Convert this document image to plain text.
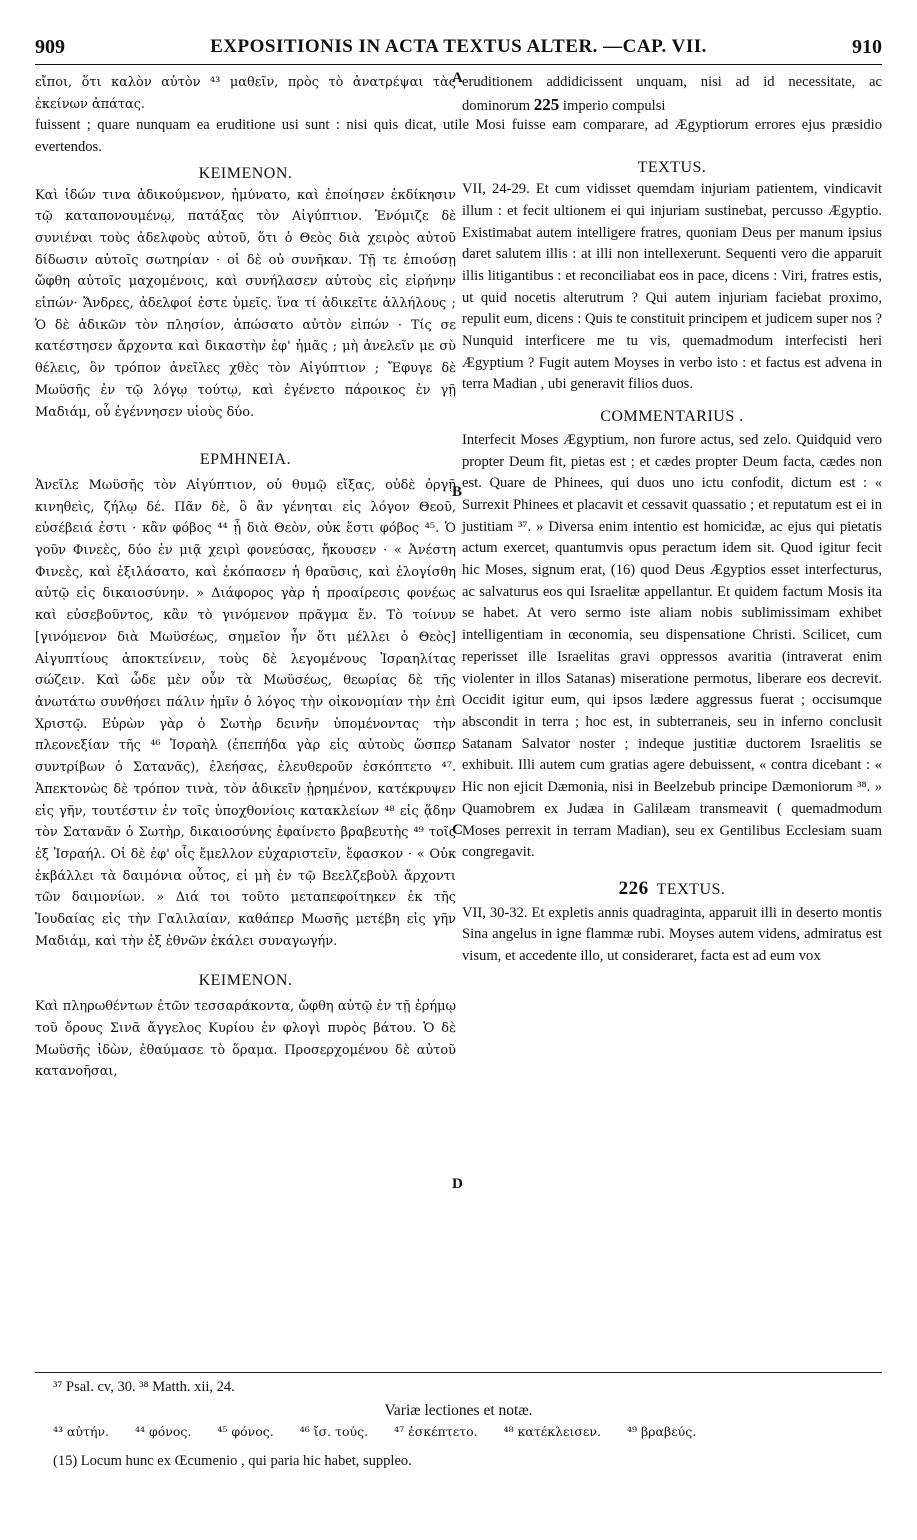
909	EXPOSITIONIS IN ACTA TEXTUS ALTER. —CAP. VII.	910

εἴποι, ὅτι καλὸν αὐτὸν ⁴³ μαθεῖν, πρὸς τὸ ἀνατρέψαι τὰς ἐκείνων ἀπάτας.

fuissent ; quare nunquam ea eruditione usi sunt : nisi quis dicat, utile Mosi fuisse eam comparare, ad Ægyptiorum errores ejus præsidio evertendos.

ΚΕΙΜΕΝΟΝ.

Καὶ ἰδών τινα ἀδικούμενον, ἠμύνατο, καὶ ἐποίησεν ἐκδίκησιν τῷ καταπονουμένῳ, πατάξας τὸν Αἰγύπτιον. Ἐνόμιζε δὲ συνιέναι τοὺς ἀδελφοὺς αὐτοῦ, ὅτι ὁ Θεὸς διὰ χειρὸς αὐτοῦ δίδωσιν αὐτοῖς σωτηρίαν · οἱ δὲ οὐ συνῆκαν. Τῇ τε ἐπιούσῃ ὤφθη αὐτοῖς μαχομένοις, καὶ συνήλασεν αὐτοὺς εἰς εἰρήνην εἰπών· Ἄνδρες, ἀδελφοί ἐστε ὑμεῖς. ἵνα τί ἀδικεῖτε ἀλλήλους ; Ὁ δὲ ἀδικῶν τὸν πλησίον, ἀπώσατο αὐτὸν εἰπών · Τίς σε κατέστησεν ἄρχοντα καὶ δικαστὴν ἐφ' ἡμᾶς ; μὴ ἀνελεῖν με σὺ θέλεις, ὃν τρόπον ἀνεῖλες χθὲς τὸν Αἰγύπτιον ; Ἔφυγε δὲ Μωϋσῆς ἐν τῷ λόγῳ τούτῳ, καὶ ἐγένετο πάροικος ἐν γῇ Μαδιάμ, οὗ ἐγέννησεν υἱοὺς δύο.

ΕΡΜΗΝΕΙΑ.

Ἀνεῖλε Μωϋσῆς τὸν Αἰγύπτιον, οὐ θυμῷ εἴξας, οὐδὲ ὀργῇ κινηθεὶς, ζήλῳ δέ. Πᾶν δὲ, ὃ ἂν γένηται εἰς λόγον Θεοῦ, εὐσέβειά ἐστι · κἂν φόβος ⁴⁴ ᾖ διὰ Θεὸν, οὐκ ἔστι φόβος ⁴⁵. Ὁ γοῦν Φινεὲς, δύο ἐν μιᾷ χειρὶ φονεύσας, ἤκουσεν · « Ἀνέστη Φινεὲς, καὶ ἐξιλάσατο, καὶ ἐκόπασεν ἡ θραῦσις, καὶ ἐλογίσθη αὐτῷ εἰς δικαιοσύνην. » Διάφορος γὰρ ἡ προαίρεσις φονέως καὶ εὐσεβοῦντος, κἂν τὸ γινόμενον πρᾶγμα ἕν. Τὸ τοίνυν [γινόμενον διὰ Μωϋσέως, σημεῖον ἦν ὅτι μέλλει ὁ Θεὸς] Αἰγυπτίους ἀποκτείνειν, τοὺς δὲ λεγομένους Ἰσραηλίτας σώζειν. Καὶ ὧδε μὲν οὖν τὰ Μωϋσέως, θεωρίας δὲ τῆς ἀνωτάτω συνθήσει πάλιν ἡμῖν ὁ λόγος τὴν οἰκονομίαν τὴν ἐπὶ Χριστῷ. Εὑρὼν γὰρ ὁ Σωτὴρ δεινῆν ὑπομένοντας τὴν πλεονεξίαν τῆς ⁴⁶ Ἰσραὴλ (ἐπεπήδα γὰρ εἰς αὐτοὺς ὥσπερ συντρίβων ὁ Σατανᾶς), ἐλεήσας, ἐλευθεροῦν ἐσκόπτετο ⁴⁷. Ἀπεκτονὼς δὲ τρόπον τινὰ, τὸν ἀδικεῖν ᾑρημένον, κατέκρυψεν εἰς γῆν, τουτέστιν ἐν τοῖς ὑποχθονίοις κατακλείων ⁴⁸ εἰς ᾅδην τὸν Σατανᾶν ὁ Σωτὴρ, δικαιοσύνης ἐφαίνετο βραβευτὴς ⁴⁹ τοῖς ἐξ Ἰσραήλ. Οἱ δὲ ἐφ' οἷς ἔμελλον εὐχαριστεῖν, ἔφασκον · « Οὐκ ἐκβάλλει τὰ δαιμόνια οὗτος, εἰ μὴ ἐν τῷ Βεελζεβοὺλ ἄρχοντι τῶν δαιμονίων. » Διά τοι τοῦτο μεταπεφοίτηκεν ἐκ τῆς Ἰουδαίας εἰς τὴν Γαλιλαίαν, καθάπερ Μωσῆς μετέβη εἰς γῆν Μαδιάμ, καὶ τὴν ἐξ ἐθνῶν ἐκάλει συναγωγήν.

ΚΕΙΜΕΝΟΝ.

Καὶ πληρωθέντων ἐτῶν τεσσαράκοντα, ὤφθη αὐτῷ ἐν τῇ ἐρήμῳ τοῦ ὄρους Σινᾶ ἄγγελος Κυρίου ἐν φλογὶ πυρὸς βάτου. Ὁ δὲ Μωϋσῆς ἰδὼν, ἐθαύμασε τὸ ὅραμα. Προσερχομένου δὲ αὐτοῦ κατανοῆσαι,

eruditionem addidicissent unquam, nisi ad id necessitate, ac dominorum 225 imperio compulsi

TEXTUS.

VII, 24-29. Et cum vidisset quemdam injuriam patientem, vindicavit illum : et fecit ultionem ei qui injuriam sustinebat, percusso Ægyptio. Existimabat autem intelligere fratres, quoniam Deus per manum ipsius daret salutem illis : at illi non intellexerunt. Sequenti vero die apparuit illis litigantibus : et reconciliabat eos in pace, dicens : Viri, fratres estis, ut quid nocetis alterutrum ? Qui autem injuriam faciebat proximo, repulit eum, dicens : Quis te constituit principem et judicem super nos ? Nunquid interficere me tu vis, quemadmodum interfecisti heri Ægyptium ? Fugit autem Moyses in verbo isto : et factus est advena in terra Madian , ubi generavit filios duos.

COMMENTARIUS .

Interfecit Moses Ægyptium, non furore actus, sed zelo. Quidquid vero propter Deum fit, pietas est ; et cædes propter Deum facta, cædes non est. Quare de Phinees, qui duos uno ictu confodit, dictum est : « Surrexit Phinees et placavit et cessavit quassatio ; et reputatum est ei in justitiam ³⁷. » Diversa enim intentio est homicidæ, ac ejus qui pietatis actum exercet, quantumvis opus peractum idem sit. Quod igitur fecit hic Moses, signum erat, (16) quod Deus Ægyptios esset interfecturus, ac salvaturus eos qui Israelitæ appellantur. Et quidem factum Mosis ita se habet. At vero sermo iste aliam nobis sublimissimam exhibet intelligentiam in œconomia, seu dispensatione Christi. Scilicet, cum reperisset ille Israelitas gravi oppressos avaritia (intraverat enim violenter in illos Satanas) miseratione permotus, liberare eos decrevit. Occidit igitur eum, qui ipsos lædere aggressus fuerat ; occisumque abscondit in terra ; hoc est, in subterraneis, seu in inferno conclusit Satanam Salvator noster ; indeque justitiæ ductorem Israelitis se exhibuit. Illi autem cum gratias agere debuissent, « contra dicebant : « Hic non ejicit Dæmonia, nisi in Beelzebub principe Dæmoniorum ³⁸. » Quamobrem ex Judæa in Galilæam transmeavit ( quemadmodum Moses perrexit in terram Madian), seu ex Gentilibus Ecclesiam suam congregavit.

226 TEXTUS.

VII, 30-32. Et expletis annis quadraginta, apparuit illi in deserto montis Sina angelus in igne flammæ rubi. Moyses autem videns, admiratus est visum, et accedente illo, ut consideraret, facta est ad eum vox

A
B
C
D

³⁷ Psal. cv, 30. ³⁸ Matth. xii, 24.

Variæ lectiones et notæ.

⁴³ αὐτήν. ⁴⁴ φόνος. ⁴⁵ φόνος. ⁴⁶ ἴσ. τούς. ⁴⁷ ἐσκέπτετο. ⁴⁸ κατέκλεισεν. ⁴⁹ βραβεύς.

(15) Locum hunc ex Œcumenio , qui paria hic habet, suppleo.
